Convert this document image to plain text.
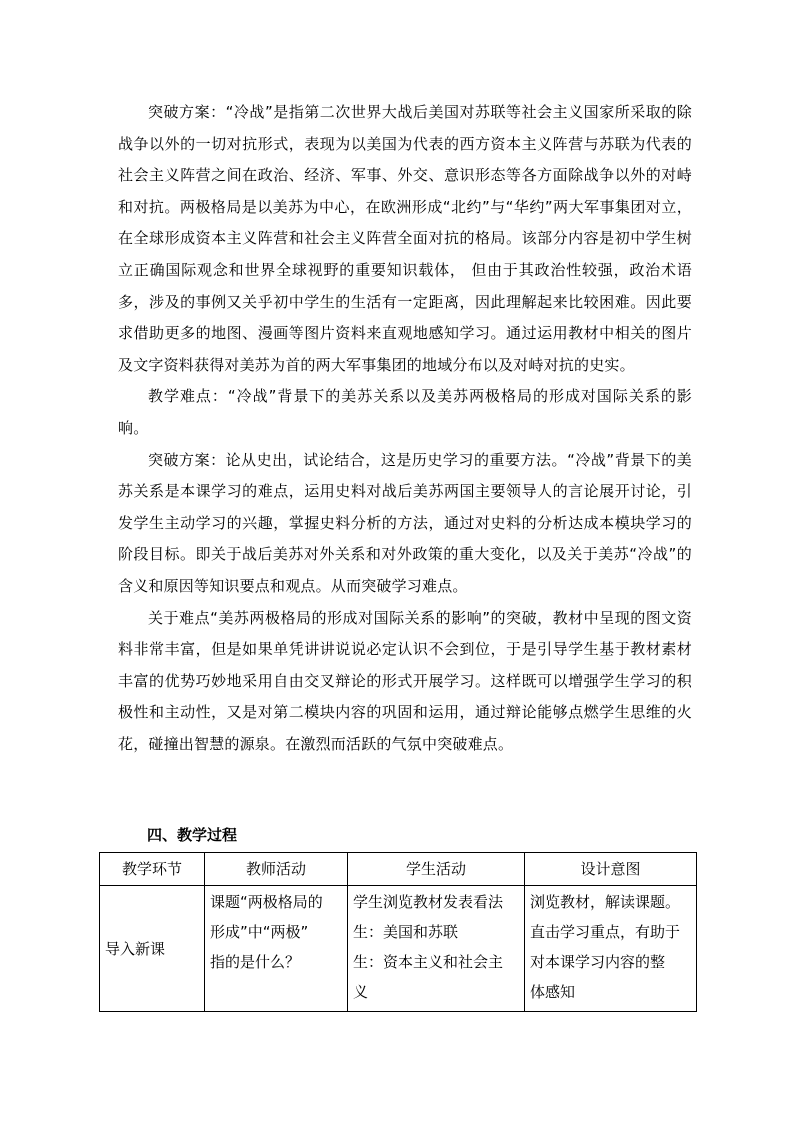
突破方案：“冷战”是指第二次世界大战后美国对苏联等社会主义国家所采取的除战争以外的一切对抗形式，表现为以美国为代表的西方资本主义阵营与苏联为代表的社会主义阵营之间在政治、经济、军事、外交、意识形态等各方面除战争以外的对峙和对抗。两极格局是以美苏为中心，在欧洲形成“北约”与“华约”两大军事集团对立，在全球形成资本主义阵营和社会主义阵营全面对抗的格局。该部分内容是初中学生树立正确国际观念和世界全球视野的重要知识载体， 但由于其政治性较强，政治术语多，涉及的事例又关乎初中学生的生活有一定距离，因此理解起来比较困难。因此要求借助更多的地图、漫画等图片资料来直观地感知学习。通过运用教材中相关的图片及文字资料获得对美苏为首的两大军事集团的地域分布以及对峙对抗的史实。

教学难点：“冷战”背景下的美苏关系以及美苏两极格局的形成对国际关系的影响。

突破方案：论从史出，试论结合，这是历史学习的重要方法。“冷战”背景下的美苏关系是本课学习的难点，运用史料对战后美苏两国主要领导人的言论展开讨论，引发学生主动学习的兴趣，掌握史料分析的方法，通过对史料的分析达成本模块学习的阶段目标。即关于战后美苏对外关系和对外政策的重大变化，以及关于美苏“冷战”的含义和原因等知识要点和观点。从而突破学习难点。

关于难点“美苏两极格局的形成对国际关系的影响”的突破，教材中呈现的图文资料非常丰富，但是如果单凭讲讲说说必定认识不会到位，于是引导学生基于教材素材丰富的优势巧妙地采用自由交叉辩论的形式开展学习。这样既可以增强学生学习的积极性和主动性，又是对第二模块内容的巩固和运用，通过辩论能够点燃学生思维的火花，碰撞出智慧的源泉。在激烈而活跃的气氛中突破难点。

四、教学过程
教学环节	教师活动	学生活动	设计意图
导入新课	课题“两极格局的
形成”中“两极”
指的是什么？	学生浏览教材发表看法
生：美国和苏联
生：资本主义和社会主
义	浏览教材，解读课题。
直击学习重点，有助于
对本课学习内容的整
体感知
